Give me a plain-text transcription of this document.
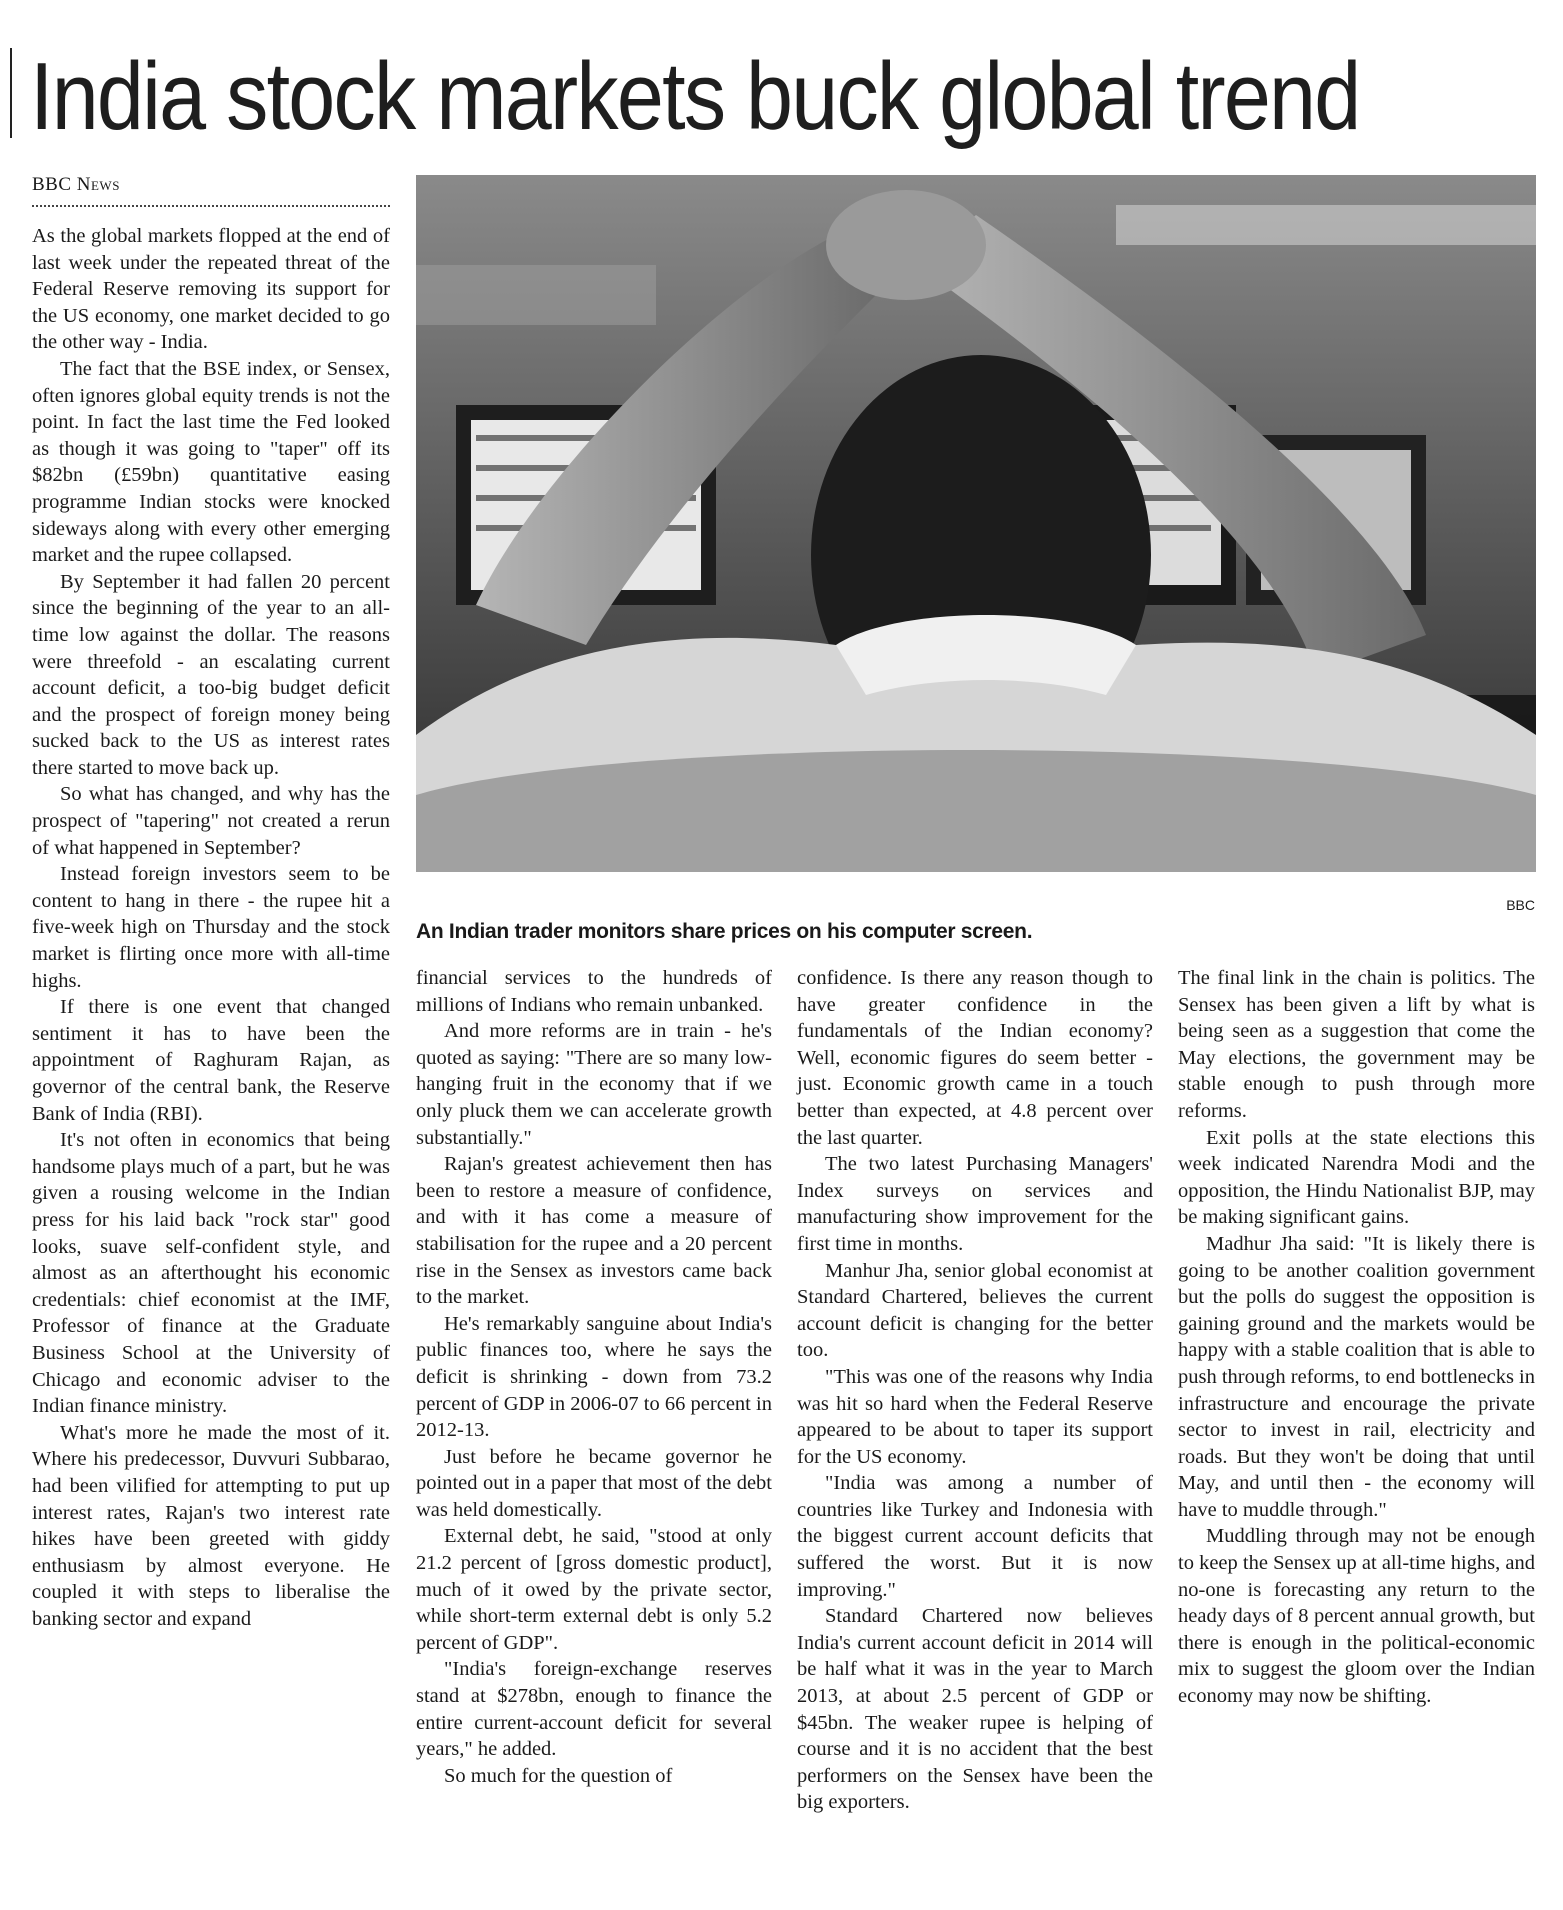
India stock markets buck global trend
BBC News
BBC
An Indian trader monitors share prices on his computer screen.

As the global markets flopped at the end of last week under the repeated threat of the Federal Reserve removing its support for the US economy, one market decided to go the other way - India.

The fact that the BSE index, or Sensex, often ignores global equity trends is not the point. In fact the last time the Fed looked as though it was going to "taper" off its $82bn (£59bn) quantitative easing programme Indian stocks were knocked sideways along with every other emerging market and the rupee collapsed.

By September it had fallen 20 percent since the beginning of the year to an all-time low against the dollar. The reasons were threefold - an escalating current account deficit, a too-big budget deficit and the prospect of foreign money being sucked back to the US as interest rates there started to move back up.

So what has changed, and why has the prospect of "tapering" not created a rerun of what happened in September?

Instead foreign investors seem to be content to hang in there - the rupee hit a five-week high on Thursday and the stock market is flirting once more with all-time highs.

If there is one event that changed sentiment it has to have been the appointment of Raghuram Rajan, as governor of the central bank, the Reserve Bank of India (RBI).

It's not often in economics that being handsome plays much of a part, but he was given a rousing welcome in the Indian press for his laid back "rock star" good looks, suave self-confident style, and almost as an afterthought his economic credentials: chief economist at the IMF, Professor of finance at the Graduate Business School at the University of Chicago and economic adviser to the Indian finance ministry.

What's more he made the most of it. Where his predecessor, Duvvuri Subbarao, had been vilified for attempting to put up interest rates, Rajan's two interest rate hikes have been greeted with giddy enthusiasm by almost everyone. He coupled it with steps to liberalise the banking sector and expand

financial services to the hundreds of millions of Indians who remain unbanked.

And more reforms are in train - he's quoted as saying: "There are so many low-hanging fruit in the economy that if we only pluck them we can accelerate growth substantially."

Rajan's greatest achievement then has been to restore a measure of confidence, and with it has come a measure of stabilisation for the rupee and a 20 percent rise in the Sensex as investors came back to the market.

He's remarkably sanguine about India's public finances too, where he says the deficit is shrinking - down from 73.2 percent of GDP in 2006-07 to 66 percent in 2012-13.

Just before he became governor he pointed out in a paper that most of the debt was held domestically.

External debt, he said, "stood at only 21.2 percent of [gross domestic product], much of it owed by the private sector, while short-term external debt is only 5.2 percent of GDP".

"India's foreign-exchange reserves stand at $278bn, enough to finance the entire current-account deficit for several years," he added.

So much for the question of

confidence. Is there any reason though to have greater confidence in the fundamentals of the Indian economy? Well, economic figures do seem better - just. Economic growth came in a touch better than expected, at 4.8 percent over the last quarter.

The two latest Purchasing Managers' Index surveys on services and manufacturing show improvement for the first time in months.

Manhur Jha, senior global economist at Standard Chartered, believes the current account deficit is changing for the better too.

"This was one of the reasons why India was hit so hard when the Federal Reserve appeared to be about to taper its support for the US economy.

"India was among a number of countries like Turkey and Indonesia with the biggest current account deficits that suffered the worst. But it is now improving."

Standard Chartered now believes India's current account deficit in 2014 will be half what it was in the year to March 2013, at about 2.5 percent of GDP or $45bn. The weaker rupee is helping of course and it is no accident that the best performers on the Sensex have been the big exporters.

The final link in the chain is politics. The Sensex has been given a lift by what is being seen as a suggestion that come the May elections, the government may be stable enough to push through more reforms.

Exit polls at the state elections this week indicated Narendra Modi and the opposition, the Hindu Nationalist BJP, may be making significant gains.

Madhur Jha said: "It is likely there is going to be another coalition government but the polls do suggest the opposition is gaining ground and the markets would be happy with a stable coalition that is able to push through reforms, to end bottlenecks in infrastructure and encourage the private sector to invest in rail, electricity and roads. But they won't be doing that until May, and until then - the economy will have to muddle through."

Muddling through may not be enough to keep the Sensex up at all-time highs, and no-one is forecasting any return to the heady days of 8 percent annual growth, but there is enough in the political-economic mix to suggest the gloom over the Indian economy may now be shifting.
